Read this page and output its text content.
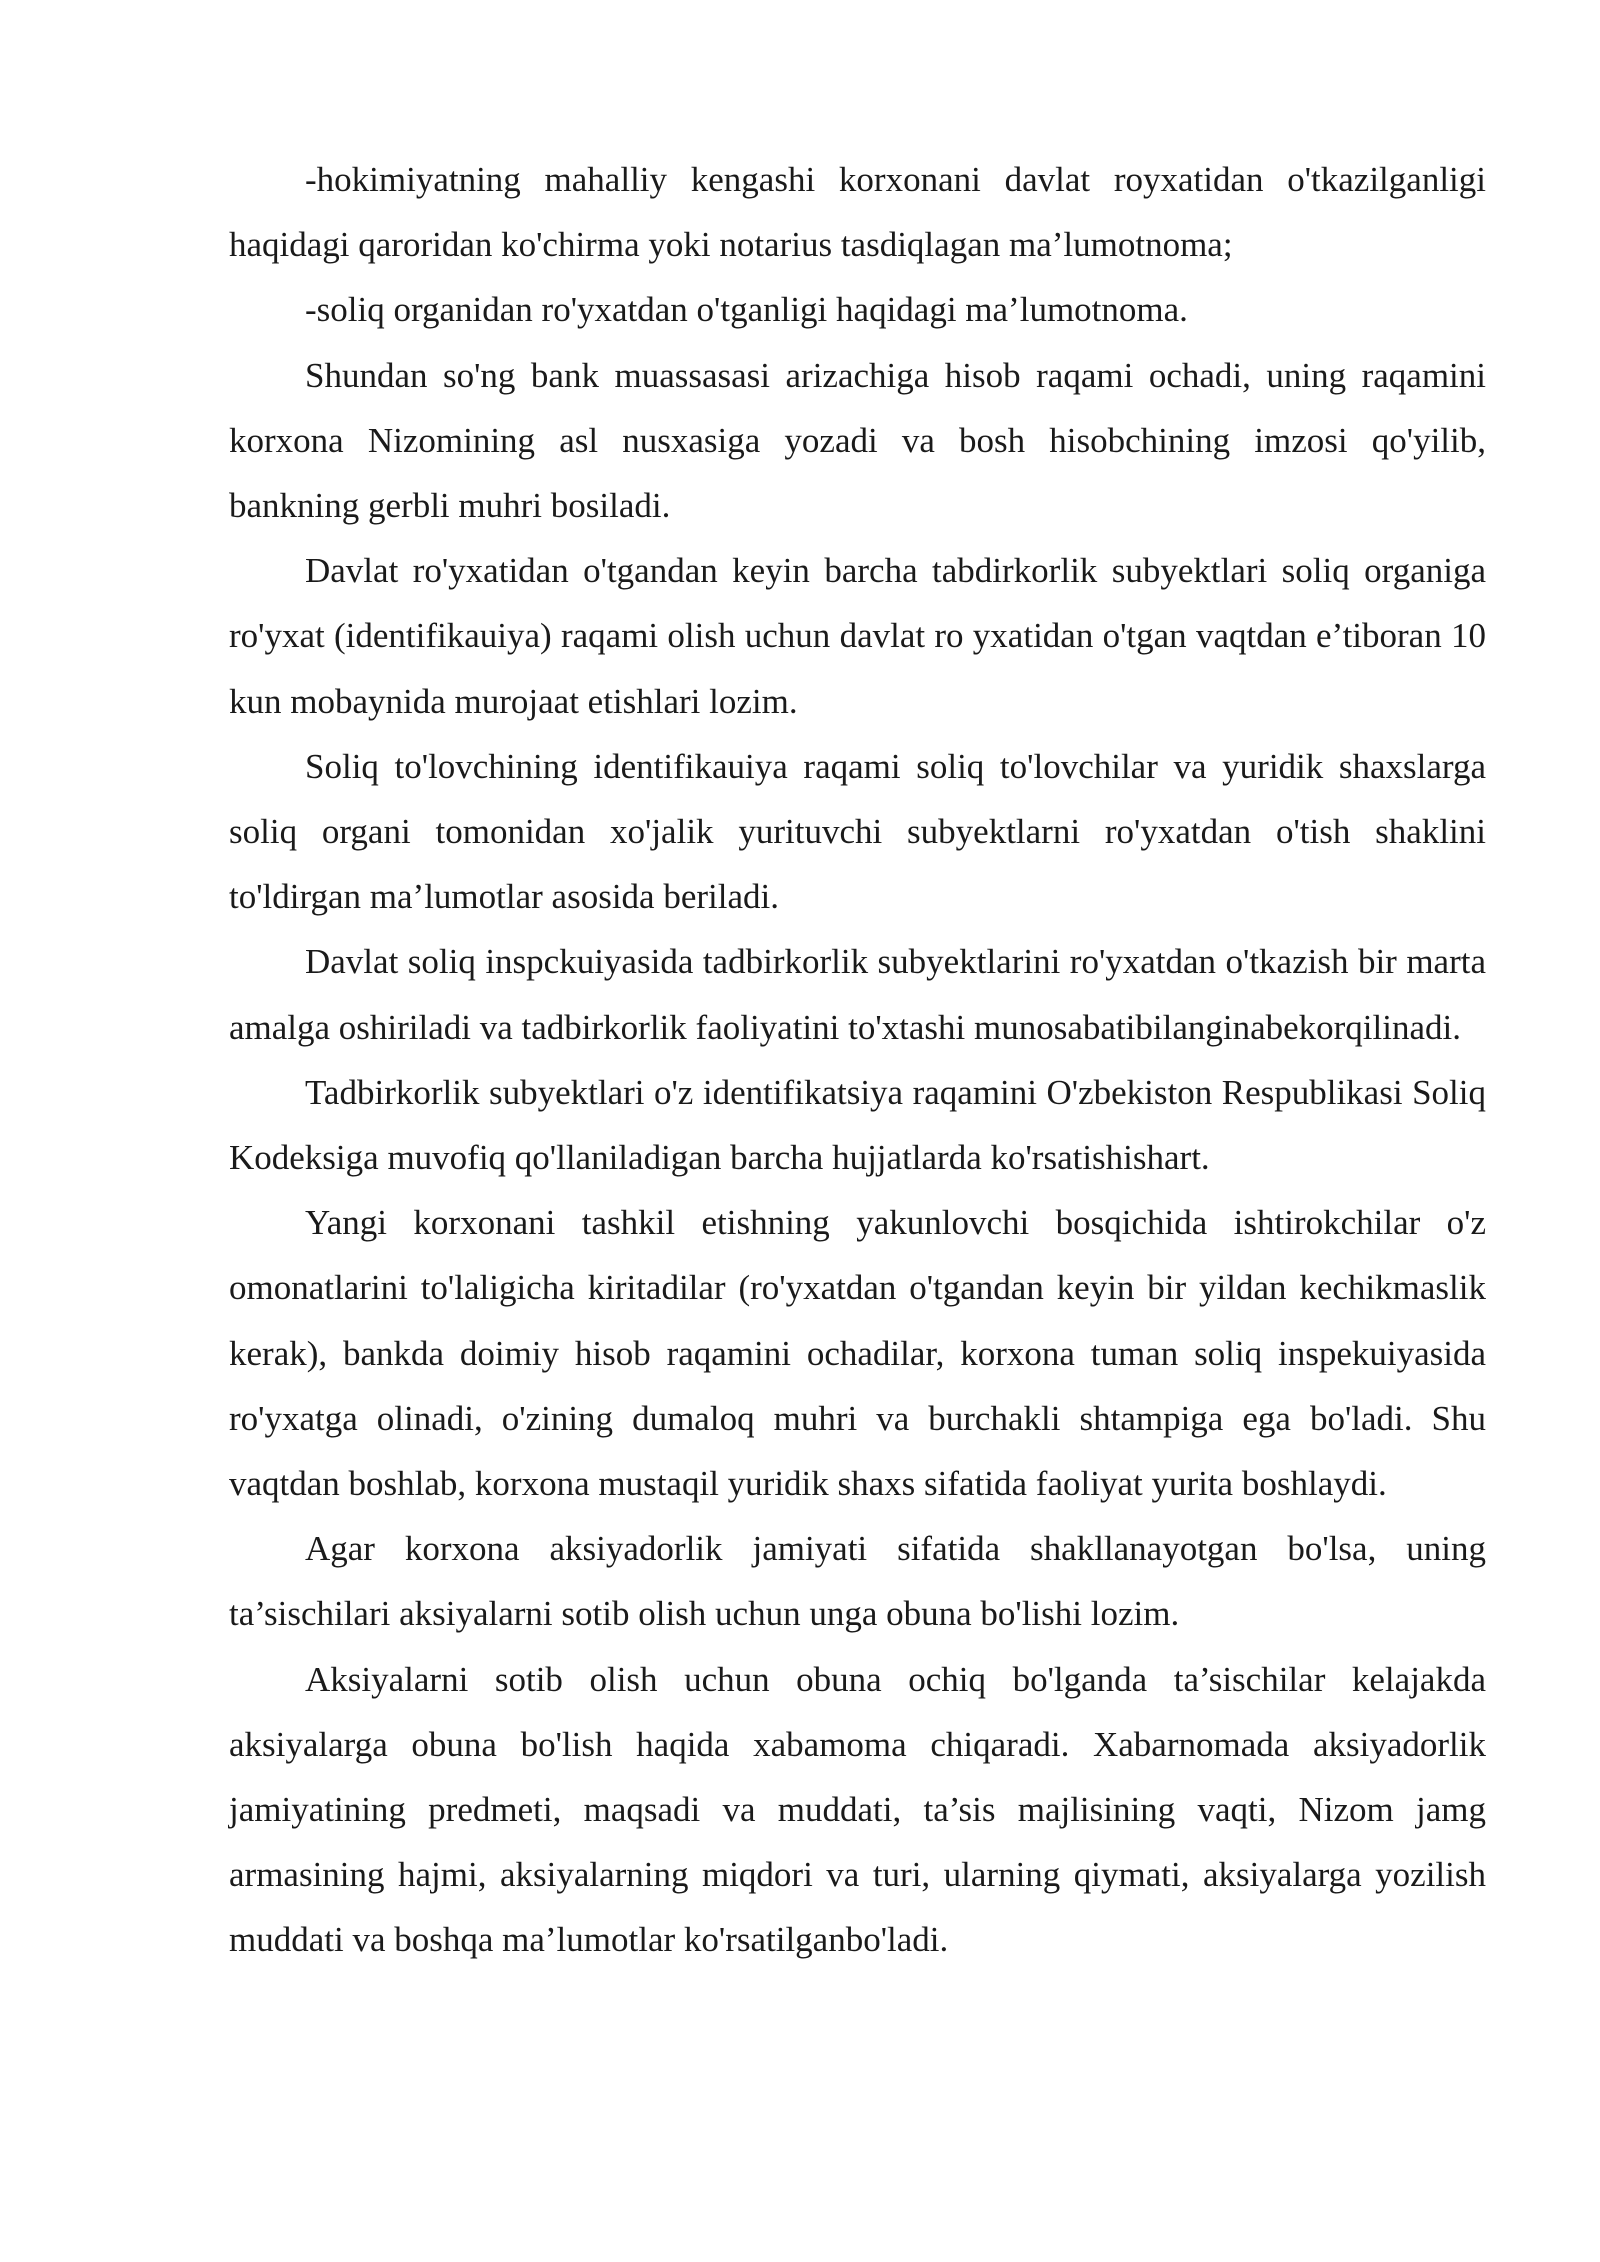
-hokimiyatning mahalliy kengashi korxonani davlat royxatidan o'tkazilganligi haqidagi qaroridan ko'chirma yoki notarius tasdiqlagan ma’lumotnoma;

-soliq organidan ro'yxatdan o'tganligi haqidagi ma’lumotnoma.

Shundan so'ng bank muassasasi arizachiga hisob raqami ochadi, uning raqamini korxona Nizomining asl nusxasiga yozadi va bosh hisobchining imzosi qo'yilib, bankning gerbli muhri bosiladi.

Davlat ro'yxatidan o'tgandan keyin barcha tabdirkorlik subyektlari soliq organiga ro'yxat (identifikauiya) raqami olish uchun davlat ro yxatidan o'tgan vaqtdan e’tiboran 10 kun mobaynida murojaat etishlari lozim.

Soliq to'lovchining identifikauiya raqami soliq to'lovchilar va yuridik shaxslarga soliq organi tomonidan xo'jalik yurituvchi subyektlarni ro'yxatdan o'tish shaklini to'ldirgan ma’lumotlar asosida beriladi.

Davlat soliq inspckuiyasida tadbirkorlik subyektlarini ro'yxatdan o'tkazish bir marta amalga oshiriladi va tadbirkorlik faoliyatini to'xtashi munosabatibilanginabekorqilinadi.

Tadbirkorlik subyektlari o'z identifikatsiya raqamini O'zbekiston Respublikasi Soliq Kodeksiga muvofiq qo'llaniladigan barcha hujjatlarda ko'rsatishishart.

Yangi korxonani tashkil etishning yakunlovchi bosqichida ishtirokchilar o'z omonatlarini to'laligicha kiritadilar (ro'yxatdan o'tgandan keyin bir yildan kechikmaslik kerak), bankda doimiy hisob raqamini ochadilar, korxona tuman soliq inspekuiyasida ro'yxatga olinadi, o'zining dumaloq muhri va burchakli shtampiga ega bo'ladi. Shu vaqtdan boshlab, korxona mustaqil yuridik shaxs sifatida faoliyat yurita boshlaydi.

Agar korxona aksiyadorlik jamiyati sifatida shakllanayotgan bo'lsa, uning ta’sischilari aksiyalarni sotib olish uchun unga obuna bo'lishi lozim.

Aksiyalarni sotib olish uchun obuna ochiq bo'lganda ta’sischilar kelajakda aksiyalarga obuna bo'lish haqida xabamoma chiqaradi. Xabarnomada aksiyadorlik jamiyatining predmeti, maqsadi va muddati, ta’sis majlisining vaqti, Nizom jamg armasining hajmi, aksiyalarning miqdori va turi, ularning qiymati, aksiyalarga yozilish muddati va boshqa ma’lumotlar ko'rsatilganbo'ladi.
